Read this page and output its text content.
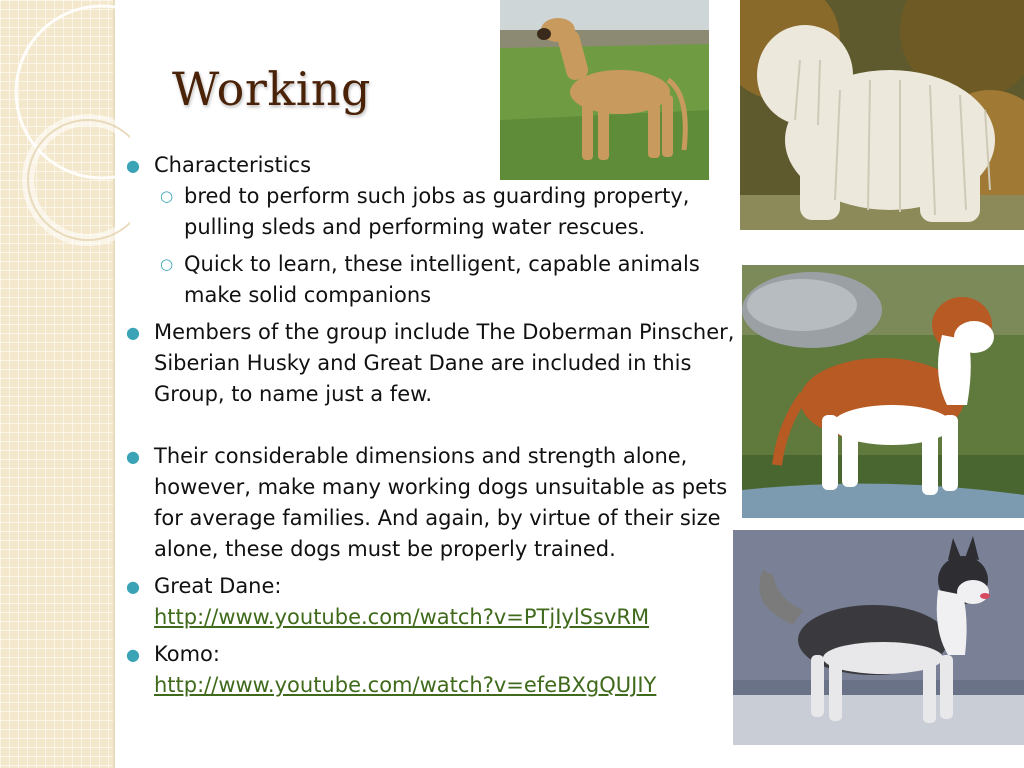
Working
● Characteristics
○ bred to perform such jobs as guarding property, pulling sleds and performing water rescues.
○ Quick to learn, these intelligent, capable animals make solid companions
● Members of the group include The Doberman Pinscher, Siberian Husky and Great Dane are included in this Group, to name just a few.
● Their considerable dimensions and strength alone, however, make many working dogs unsuitable as pets for average families. And again, by virtue of their size alone, these dogs must be properly trained.
● Great Dane:
http://www.youtube.com/watch?v=PTjIylSsvRM
● Komo:
http://www.youtube.com/watch?v=efeBXgQUJIY
